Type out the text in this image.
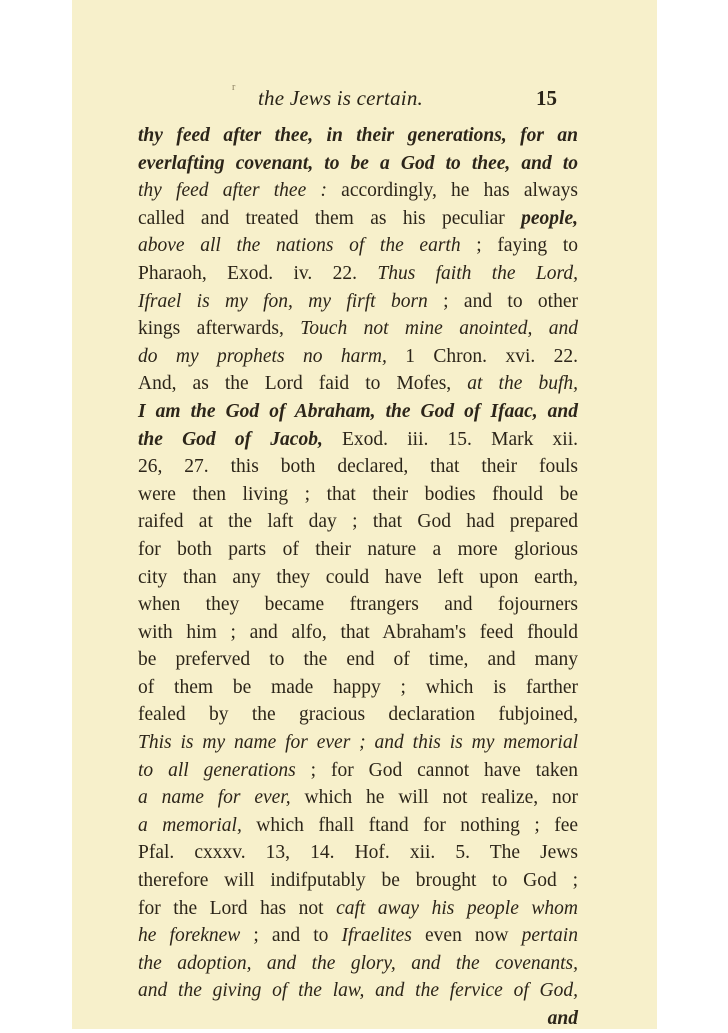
r the Jews is certain.	15
thy feed after thee, in their generations, for an
everlafting covenant, to be a God to thee, and to
thy feed after thee : accordingly, he has always
called and treated them as his peculiar people,
above all the nations of the earth ; faying to
Pharaoh, Exod. iv. 22. Thus faith the Lord,
Ifrael is my fon, my firft born ; and to other
kings afterwards, Touch not mine anointed, and
do my prophets no harm, 1 Chron. xvi. 22.
And, as the Lord faid to Mofes, at the bufh,
I am the God of Abraham, the God of Ifaac, and
the God of Jacob, Exod. iii. 15. Mark xii.
26, 27. this both declared, that their fouls
were then living ; that their bodies fhould be
raifed at the laft day ; that God had prepared
for both parts of their nature a more glorious
city than any they could have left upon earth,
when they became ftrangers and fojourners
with him ; and alfo, that Abraham's feed fhould
be preferved to the end of time, and many
of them be made happy ; which is farther
fealed by the gracious declaration fubjoined,
This is my name for ever ; and this is my memorial
to all generations ; for God cannot have taken
a name for ever, which he will not realize, nor
a memorial, which fhall ftand for nothing ; fee
Pfal. cxxxv. 13, 14. Hof. xii. 5. The Jews
therefore will indifputably be brought to God ;
for the Lord has not caft away his people whom
he foreknew ; and to Ifraelites even now pertain
the adoption, and the glory, and the covenants,
and the giving of the law, and the fervice of God,
and
